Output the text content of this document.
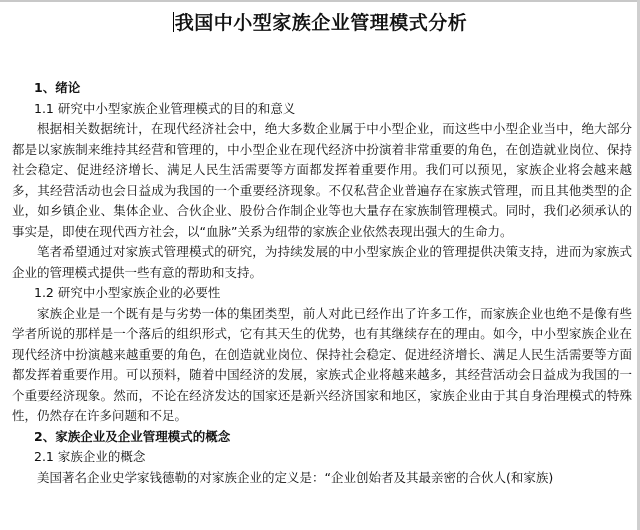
我国中小型家族企业管理模式分析
1、绪论
1.1 研究中小型家族企业管理模式的目的和意义
根据相关数据统计，在现代经济社会中，绝大多数企业属于中小型企业，而这些中小型企业当中，绝大部分都是以家族制来维持其经营和管理的，中小型企业在现代经济中扮演着非常重要的角色，在创造就业岗位、保持社会稳定、促进经济增长、满足人民生活需要等方面都发挥着重要作用。我们可以预见，家族企业将会越来越多，其经营活动也会日益成为我国的一个重要经济现象。不仅私营企业普遍存在家族式管理，而且其他类型的企业，如乡镇企业、集体企业、合伙企业、股份合作制企业等也大量存在家族制管理模式。同时，我们必须承认的事实是，即使在现代西方社会，以“血脉”关系为纽带的家族企业依然表现出强大的生命力。
笔者希望通过对家族式管理模式的研究，为持续发展的中小型家族企业的管理提供决策支持，进而为家族式企业的管理模式提供一些有意的帮助和支持。
1.2 研究中小型家族企业的必要性
家族企业是一个既有是与劣势一体的集团类型，前人对此已经作出了许多工作，而家族企业也绝不是像有些学者所说的那样是一个落后的组织形式，它有其天生的优势，也有其继续存在的理由。如今，中小型家族企业在现代经济中扮演越来越重要的角色，在创造就业岗位、保持社会稳定、促进经济增长、满足人民生活需要等方面都发挥着重要作用。可以预料，随着中国经济的发展，家族式企业将越来越多，其经营活动会日益成为我国的一个重要经济现象。然而，不论在经济发达的国家还是新兴经济国家和地区，家族企业由于其自身治理模式的特殊性，仍然存在许多问题和不足。
2、家族企业及企业管理模式的概念
2.1 家族企业的概念
美国著名企业史学家钱德勒的对家族企业的定义是：“企业创始者及其最亲密的合伙人(和家族)
